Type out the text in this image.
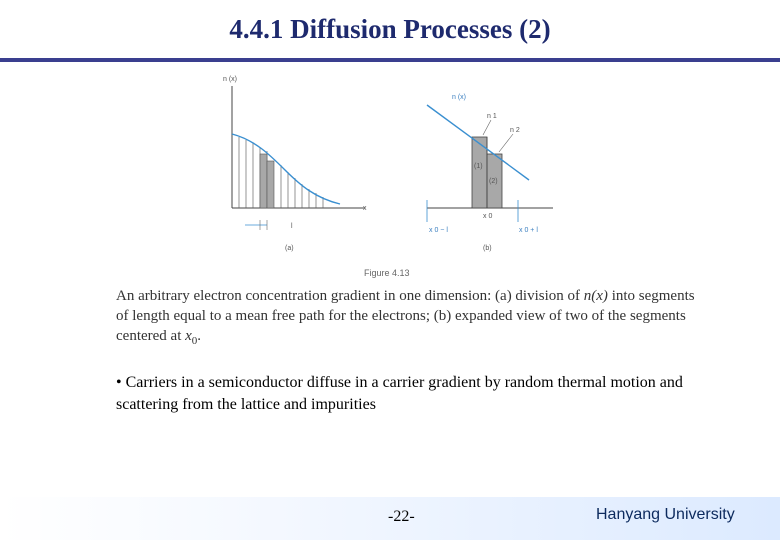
4.4.1 Diffusion Processes (2)
n (x)
x
l
(a)
n (x)
n 1
n 2
(1)
(2)
x 0
x 0 − l	x 0 + l
(b)
Figure 4.13
An arbitrary electron concentration gradient in one dimension: (a) division of n(x) into segments of length equal to a mean free path for the electrons; (b) expanded view of two of the segments centered at $x_0$.
• Carriers in a semiconductor diffuse in a carrier gradient by random thermal motion and scattering from the lattice and impurities
-22-	Hanyang University
